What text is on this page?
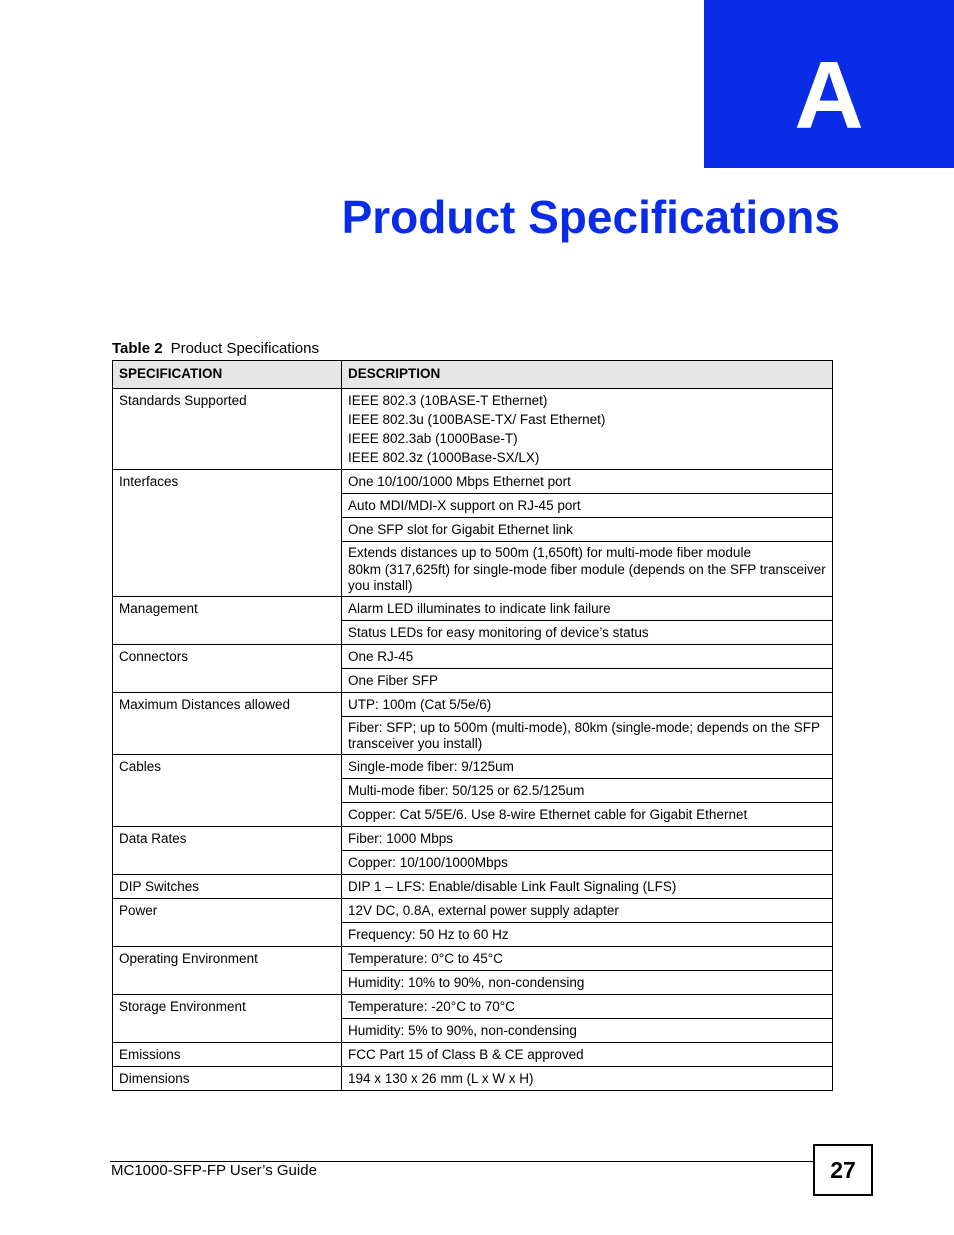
A
Product Specifications
Table 2 Product Specifications
SPECIFICATION	DESCRIPTION
Standards Supported	IEEE 802.3 (10BASE-T Ethernet)

IEEE 802.3u (100BASE-TX/ Fast Ethernet)

IEEE 802.3ab (1000Base-T)

IEEE 802.3z (1000Base-SX/LX)

Interfaces	One 10/100/1000 Mbps Ethernet port

	Auto MDI/MDI-X support on RJ-45 port

	One SFP slot for Gigabit Ethernet link

	Extends distances up to 500m (1,650ft) for multi-mode fiber module

80km (317,625ft) for single-mode fiber module (depends on the SFP transceiver you install)

Management	Alarm LED illuminates to indicate link failure

	Status LEDs for easy monitoring of device’s status

Connectors	One RJ-45

	One Fiber SFP

Maximum Distances allowed	UTP: 100m (Cat 5/5e/6)

	Fiber: SFP; up to 500m (multi-mode), 80km (single-mode; depends on the SFP transceiver you install)

Cables	Single-mode fiber: 9/125um

	Multi-mode fiber: 50/125 or 62.5/125um

	Copper: Cat 5/5E/6. Use 8-wire Ethernet cable for Gigabit Ethernet

Data Rates	Fiber: 1000 Mbps

	Copper: 10/100/1000Mbps

DIP Switches	DIP 1 – LFS: Enable/disable Link Fault Signaling (LFS)

Power	12V DC, 0.8A, external power supply adapter

	Frequency: 50 Hz to 60 Hz

Operating Environment	Temperature: 0°C to 45°C

	Humidity: 10% to 90%, non-condensing

Storage Environment	Temperature: -20°C to 70°C

	Humidity: 5% to 90%, non-condensing

Emissions	FCC Part 15 of Class B & CE approved

Dimensions	194 x 130 x 26 mm (L x W x H)

MC1000-SFP-FP User’s Guide	27
